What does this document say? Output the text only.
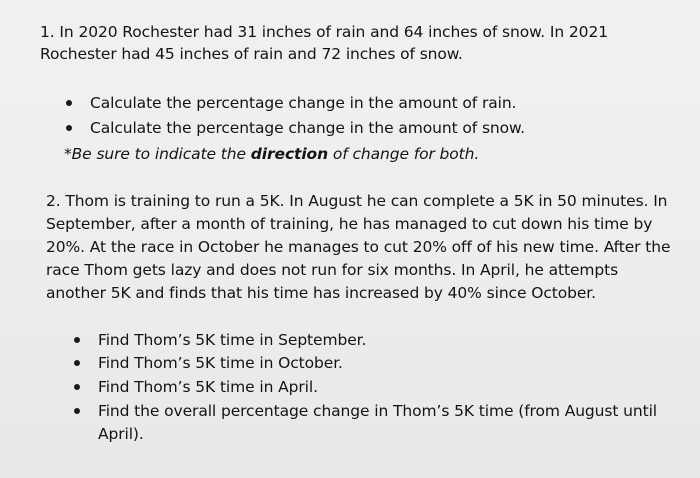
1. In 2020 Rochester had 31 inches of rain and 64 inches of snow. In 2021
Rochester had 45 inches of rain and 72 inches of snow.
Calculate the percentage change in the amount of rain.
Calculate the percentage change in the amount of snow.
*Be sure to indicate the direction of change for both.
2. Thom is training to run a 5K. In August he can complete a 5K in 50 minutes. In
September, after a month of training, he has managed to cut down his time by
20%. At the race in October he manages to cut 20% off of his new time. After the
race Thom gets lazy and does not run for six months. In April, he attempts
another 5K and finds that his time has increased by 40% since October.
Find Thom’s 5K time in September.
Find Thom’s 5K time in October.
Find Thom’s 5K time in April.
Find the overall percentage change in Thom’s 5K time (from August until
April).
